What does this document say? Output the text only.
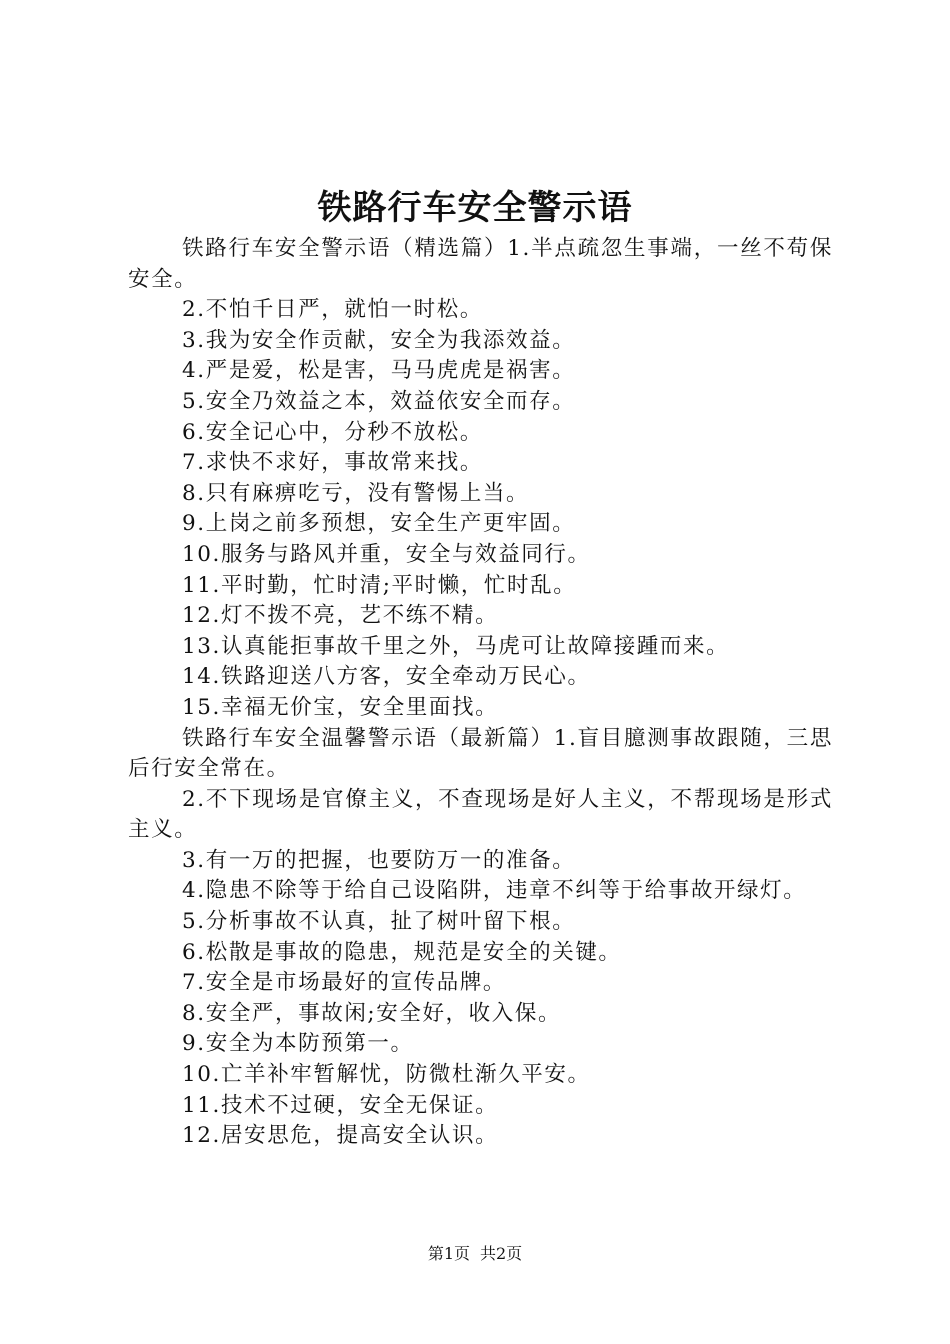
铁路行车安全警示语

铁路行车安全警示语（精选篇）1.半点疏忽生事端，一丝不苟保安全。

2.不怕千日严，就怕一时松。

3.我为安全作贡献，安全为我添效益。

4.严是爱，松是害，马马虎虎是祸害。

5.安全乃效益之本，效益依安全而存。

6.安全记心中，分秒不放松。

7.求快不求好，事故常来找。

8.只有麻痹吃亏，没有警惕上当。

9.上岗之前多预想，安全生产更牢固。

10.服务与路风并重，安全与效益同行。

11.平时勤，忙时清;平时懒，忙时乱。

12.灯不拨不亮，艺不练不精。

13.认真能拒事故千里之外，马虎可让故障接踵而来。

14.铁路迎送八方客，安全牵动万民心。

15.幸福无价宝，安全里面找。

铁路行车安全温馨警示语（最新篇）1.盲目臆测事故跟随，三思后行安全常在。

2.不下现场是官僚主义，不查现场是好人主义，不帮现场是形式主义。

3.有一万的把握，也要防万一的准备。

4.隐患不除等于给自己设陷阱，违章不纠等于给事故开绿灯。

5.分析事故不认真，扯了树叶留下根。

6.松散是事故的隐患，规范是安全的关键。

7.安全是市场最好的宣传品牌。

8.安全严，事故闲;安全好，收入保。

9.安全为本防预第一。

10.亡羊补牢暂解忧，防微杜渐久平安。

11.技术不过硬，安全无保证。

12.居安思危，提高安全认识。

第1页 共2页
